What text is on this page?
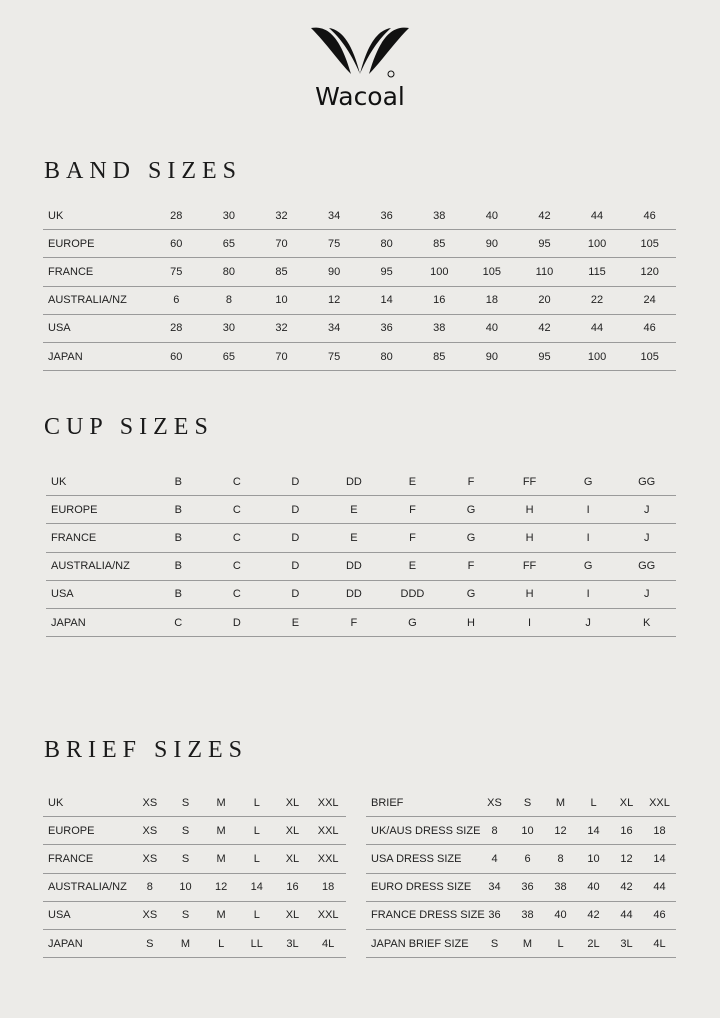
Wacoal
BAND SIZES
UK	28	30	32	34	36	38	40	42	44	46
EUROPE	60	65	70	75	80	85	90	95	100	105
FRANCE	75	80	85	90	95	100	105	110	115	120
AUSTRALIA/NZ	6	8	10	12	14	16	18	20	22	24
USA	28	30	32	34	36	38	40	42	44	46
JAPAN	60	65	70	75	80	85	90	95	100	105
CUP SIZES
UK	B	C	D	DD	E	F	FF	G	GG
EUROPE	B	C	D	E	F	G	H	I	J
FRANCE	B	C	D	E	F	G	H	I	J
AUSTRALIA/NZ	B	C	D	DD	E	F	FF	G	GG
USA	B	C	D	DD	DDD	G	H	I	J
JAPAN	C	D	E	F	G	H	I	J	K
BRIEF SIZES
UK	XS	S	M	L	XL	XXL
EUROPE	XS	S	M	L	XL	XXL
FRANCE	XS	S	M	L	XL	XXL
AUSTRALIA/NZ	8	10	12	14	16	18
USA	XS	S	M	L	XL	XXL
JAPAN	S	M	L	LL	3L	4L
BRIEF	XS	S	M	L	XL	XXL
UK/AUS DRESS SIZE	8	10	12	14	16	18
USA DRESS SIZE	4	6	8	10	12	14
EURO DRESS SIZE	34	36	38	40	42	44
FRANCE DRESS SIZE	36	38	40	42	44	46
JAPAN BRIEF SIZE	S	M	L	2L	3L	4L
